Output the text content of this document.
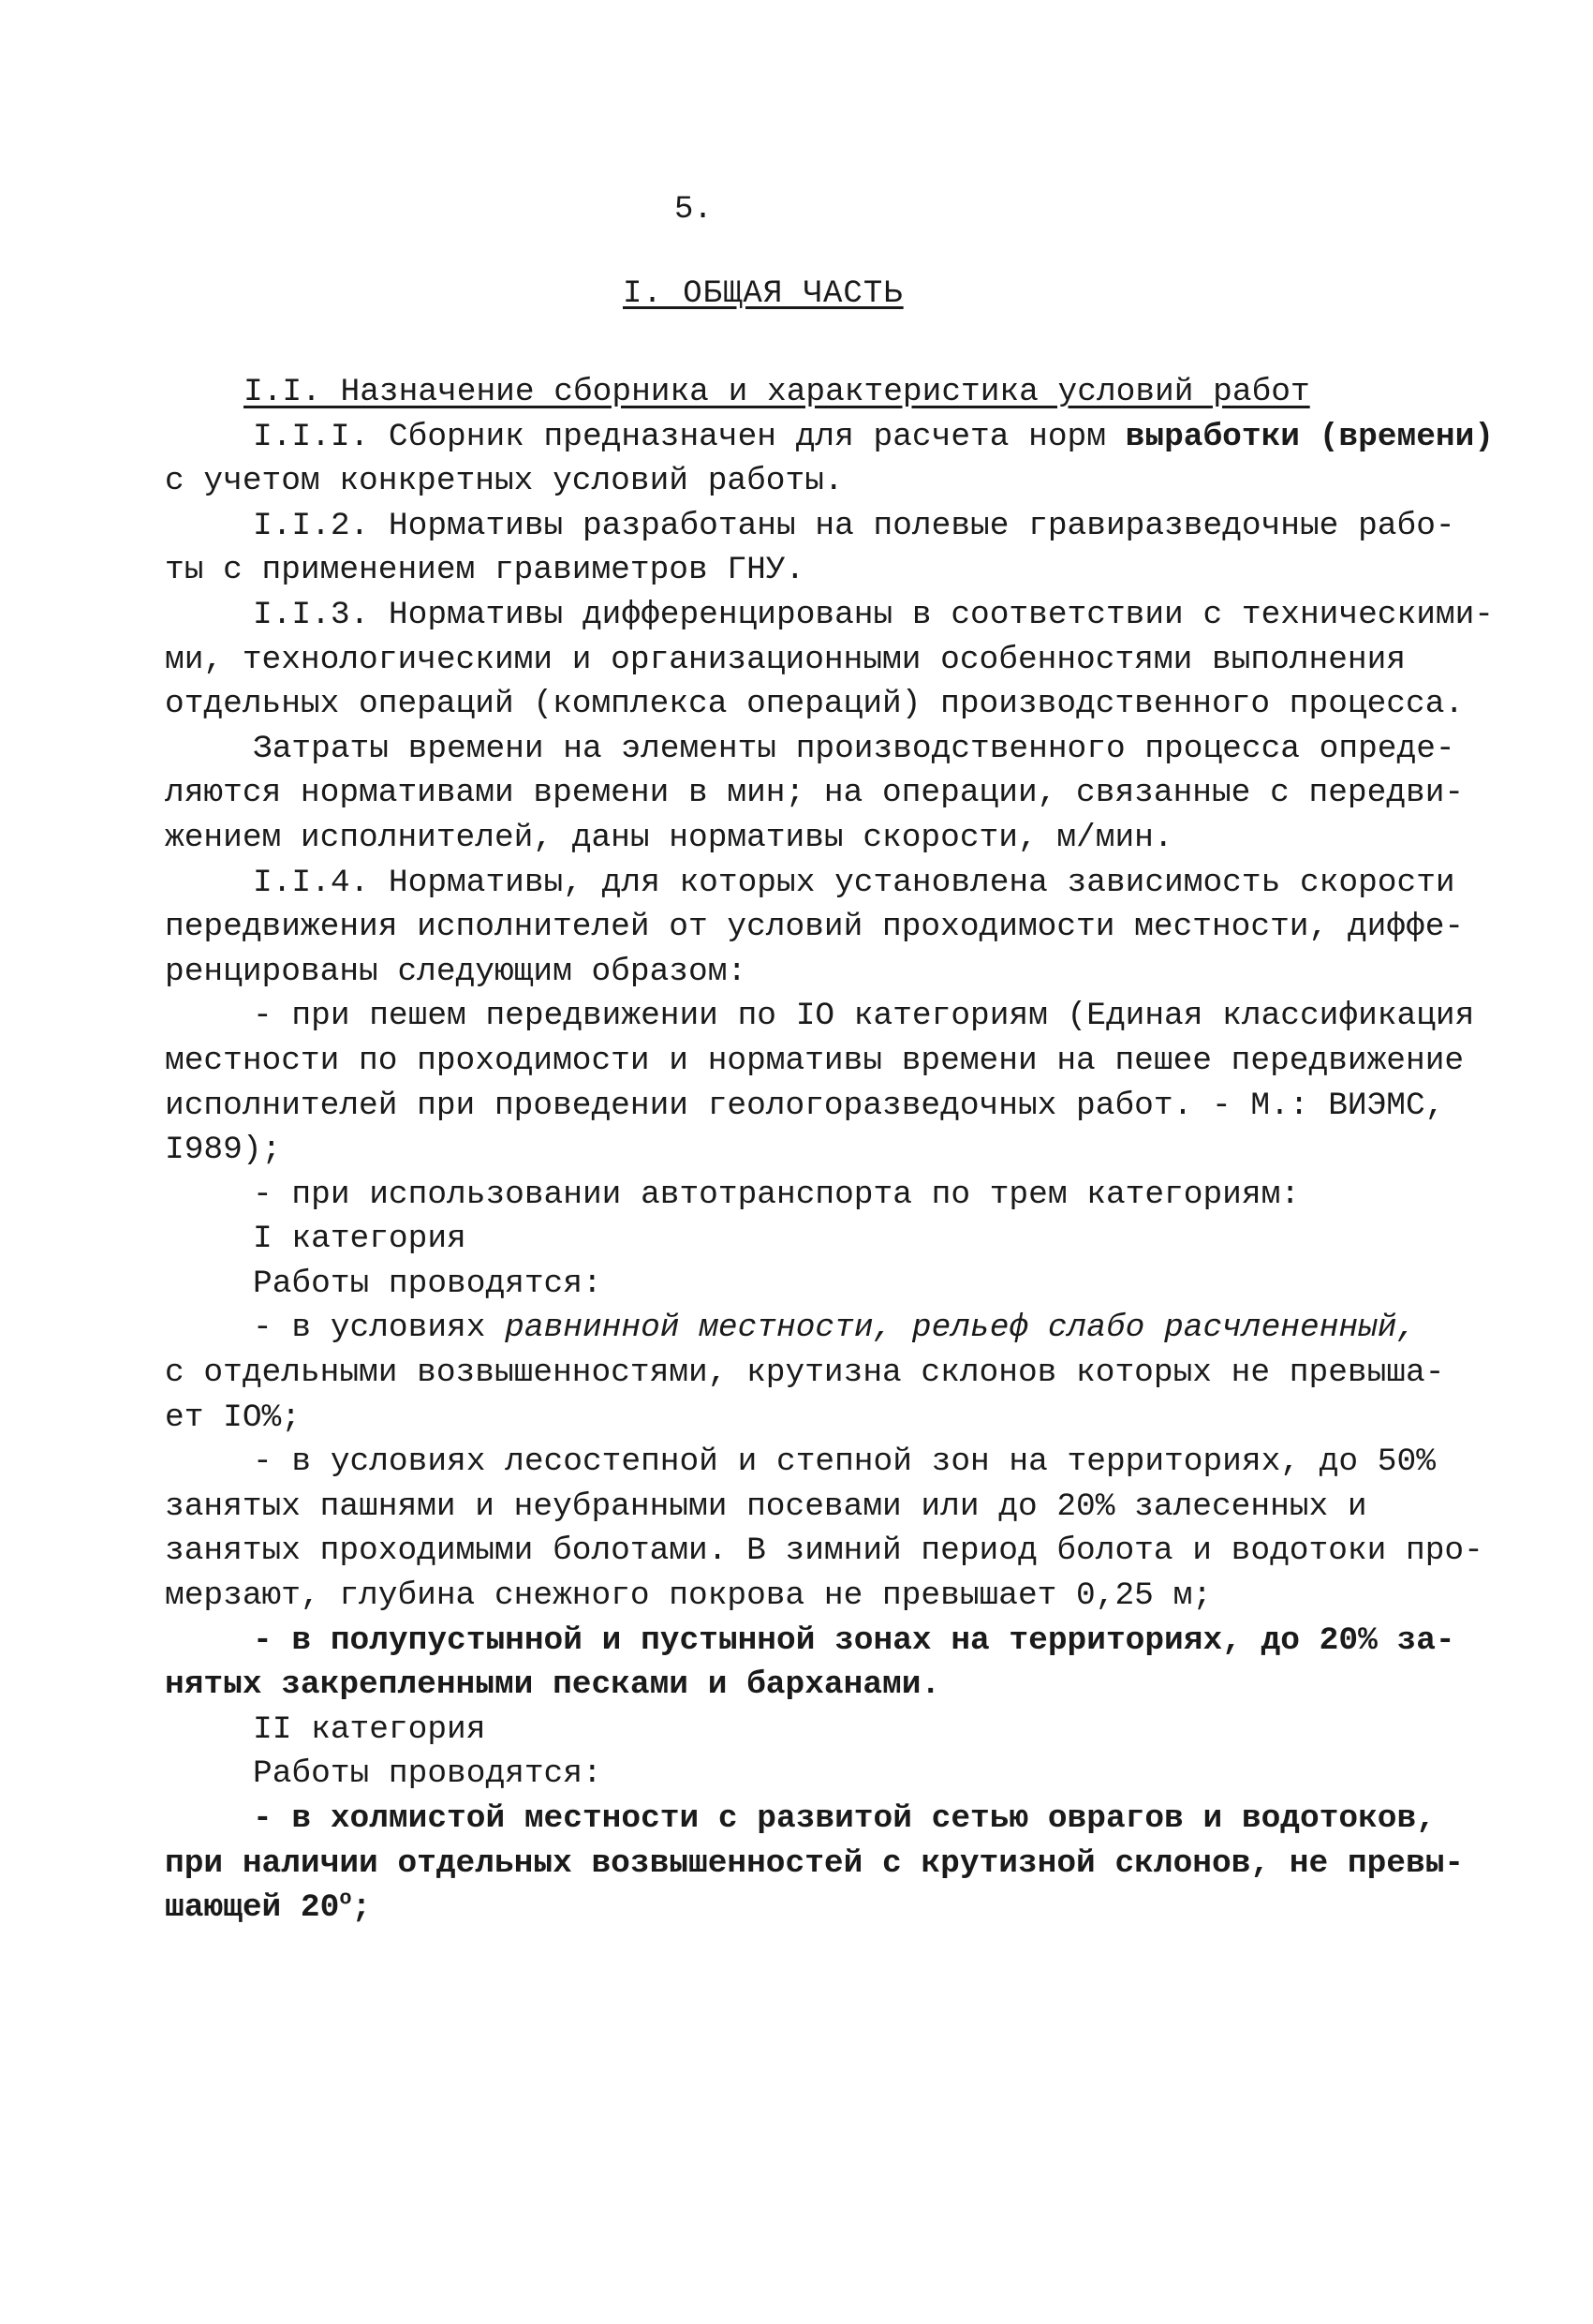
5.
I. ОБЩАЯ ЧАСТЬ
I.I. Назначение сборника и характеристика условий работ
I.I.I. Сборник предназначен для расчета норм выработки (времени)
с учетом конкретных условий работы.
I.I.2. Нормативы разработаны на полевые гравиразведочные рабо-
ты с применением гравиметров ГНУ.
I.I.3. Нормативы дифференцированы в соответствии с техническими-
ми, технологическими и организационными особенностями выполнения
отдельных операций (комплекса операций) производственного процесса.
Затраты времени на элементы производственного процесса опреде-
ляются нормативами времени в мин; на операции, связанные с передви-
жением исполнителей, даны нормативы скорости, м/мин.
I.I.4. Нормативы, для которых установлена зависимость скорости
передвижения исполнителей от условий проходимости местности, диффе-
ренцированы следующим образом:
- при пешем передвижении по IO категориям (Единая классификация
местности по проходимости и нормативы времени на пешее передвижение
исполнителей при проведении геологоразведочных работ. - М.: ВИЭМС,
I989);
- при использовании автотранспорта по трем категориям:
I категория
Работы проводятся:
- в условиях равнинной местности, рельеф слабо расчлененный,
с отдельными возвышенностями, крутизна склонов которых не превыша-
ет IO%;
- в условиях лесостепной и степной зон на территориях, до 50%
занятых пашнями и неубранными посевами или до 20% залесенных и
занятых проходимыми болотами. В зимний период болота и водотоки про-
мерзают, глубина снежного покрова не превышает 0,25 м;
- в полупустынной и пустынной зонах на территориях, до 20% за-
нятых закрепленными песками и барханами.
II категория
Работы проводятся:
- в холмистой местности с развитой сетью оврагов и водотоков,
при наличии отдельных возвышенностей с крутизной склонов, не превы-
шающей $20^о$;
